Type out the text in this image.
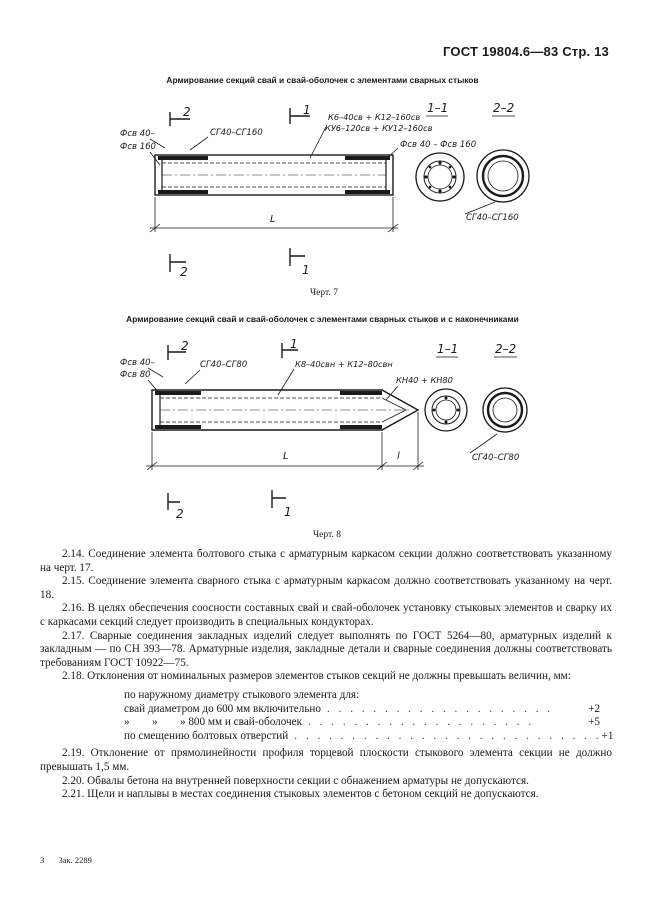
ГОСТ 19804.6—83 Стр. 13
Армирование секций свай и свай-оболочек с элементами сварных стыков
2
2
1
1
Фсв 40–
Фсв 160
СГ40–СГ160
К6–40св + К12–160св
КУ6–120св + КУ12–160св
Фсв 40 – Фсв 160
L
1–1	2–2
СГ40–СГ160
Черт. 7
Армирование секций свай и свай-оболочек с элементами сварных стыков и с наконечниками
2
2
1
1
Фсв 40–
Фсв 80
СГ40–СГ80	К8–40свн + К12–80свн
КН40 + КН80
L	l
1–1	2–2
СГ40–СГ80
Черт. 8

2.14. Соединение элемента болтового стыка с арматурным каркасом секции должно соответствовать указанному на черт. 17.

2.15. Соединение элемента сварного стыка с арматурным каркасом должно соответствовать указанному на черт. 18.

2.16. В целях обеспечения соосности составных свай и свай-оболочек установку стыковых элементов и сварку их с каркасами секций следует производить в специальных кондукторах.

2.17. Сварные соединения закладных изделий следует выполнять по ГОСТ 5264—80, арматурных изделий к закладным — по СН 393—78. Арматурные изделия, закладные детали и сварные соединения должны соответствовать требованиям ГОСТ 10922—75.

2.18. Отклонения от номинальных размеров элементов стыков секций не должны превышать величин, мм:

по наружному диаметру стыкового элемента для:
свай диаметром до 600 мм включительно . . . . . . . . . . . . . . . . . . . .	+2
»        »        » 800 мм и свай-оболочек . . . . . . . . . . . . . . . . . . . .	+5
по смещению болтовых отверстий . . . . . . . . . . . . . . . . . . . . . . . . . . . +1

2.19. Отклонение от прямолинейности профиля торцевой плоскости стыкового элемента секции не должно превышать 1,5 мм.

2.20. Обвалы бетона на внутренней поверхности секции с обнажением арматуры не допускаются.

2.21. Щели и наплывы в местах соединения стыковых элементов с бетоном секций не допускаются.

3 Зак. 2289
